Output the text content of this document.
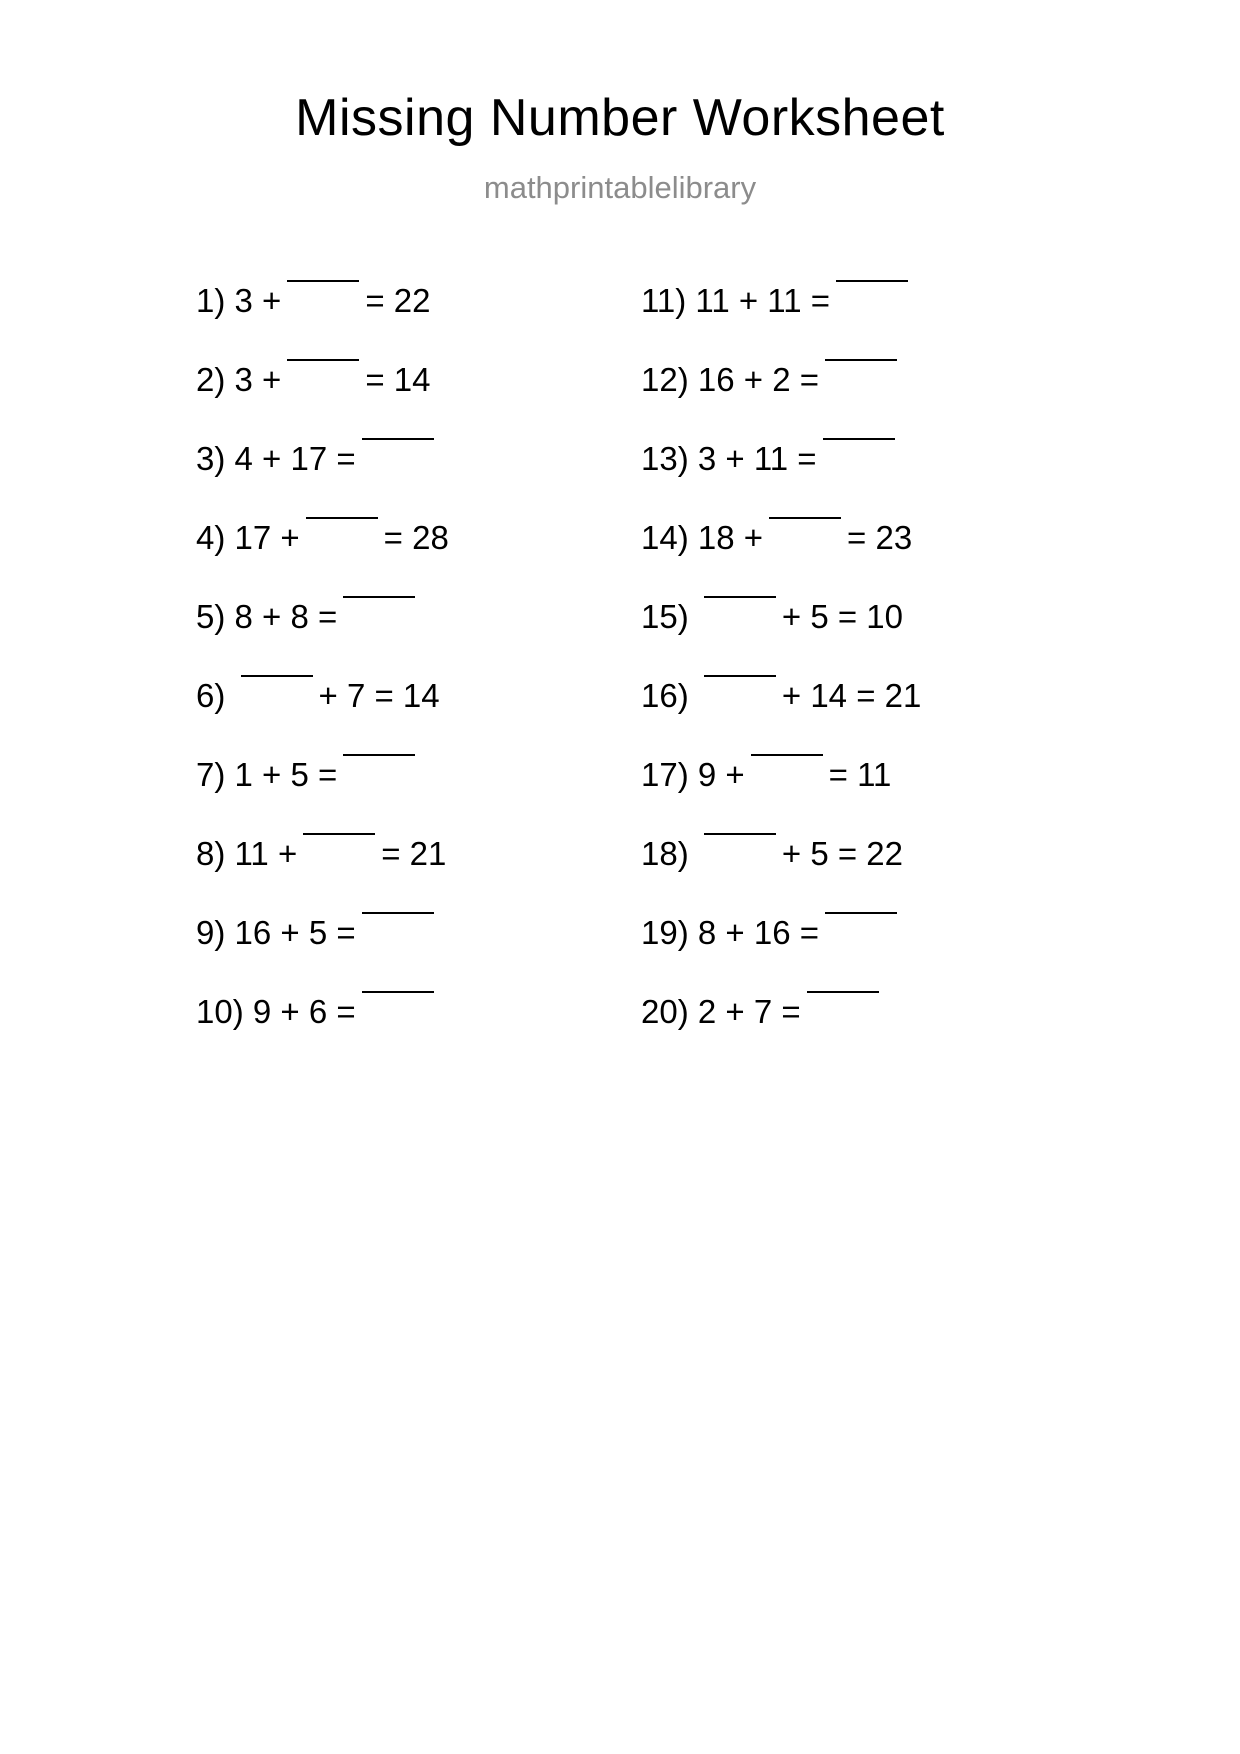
Missing Number Worksheet
mathprintablelibrary
1)
3 +	= 22
2)
3 +	= 14
3)
4 + 17 =
4)
17 +	= 28
5)
8 + 8 =
6)
	+ 7 = 14
7)
1 + 5 =
8)
11 +	= 21
9)
16 + 5 =
10)
9 + 6 =
11)
11 + 11 =
12)
16 + 2 =
13)
3 + 11 =
14)
18 +	= 23
15)
	+ 5 = 10
16)
	+ 14 = 21
17)
9 +	= 11
18)
	+ 5 = 22
19)
8 + 16 =
20)
2 + 7 =
